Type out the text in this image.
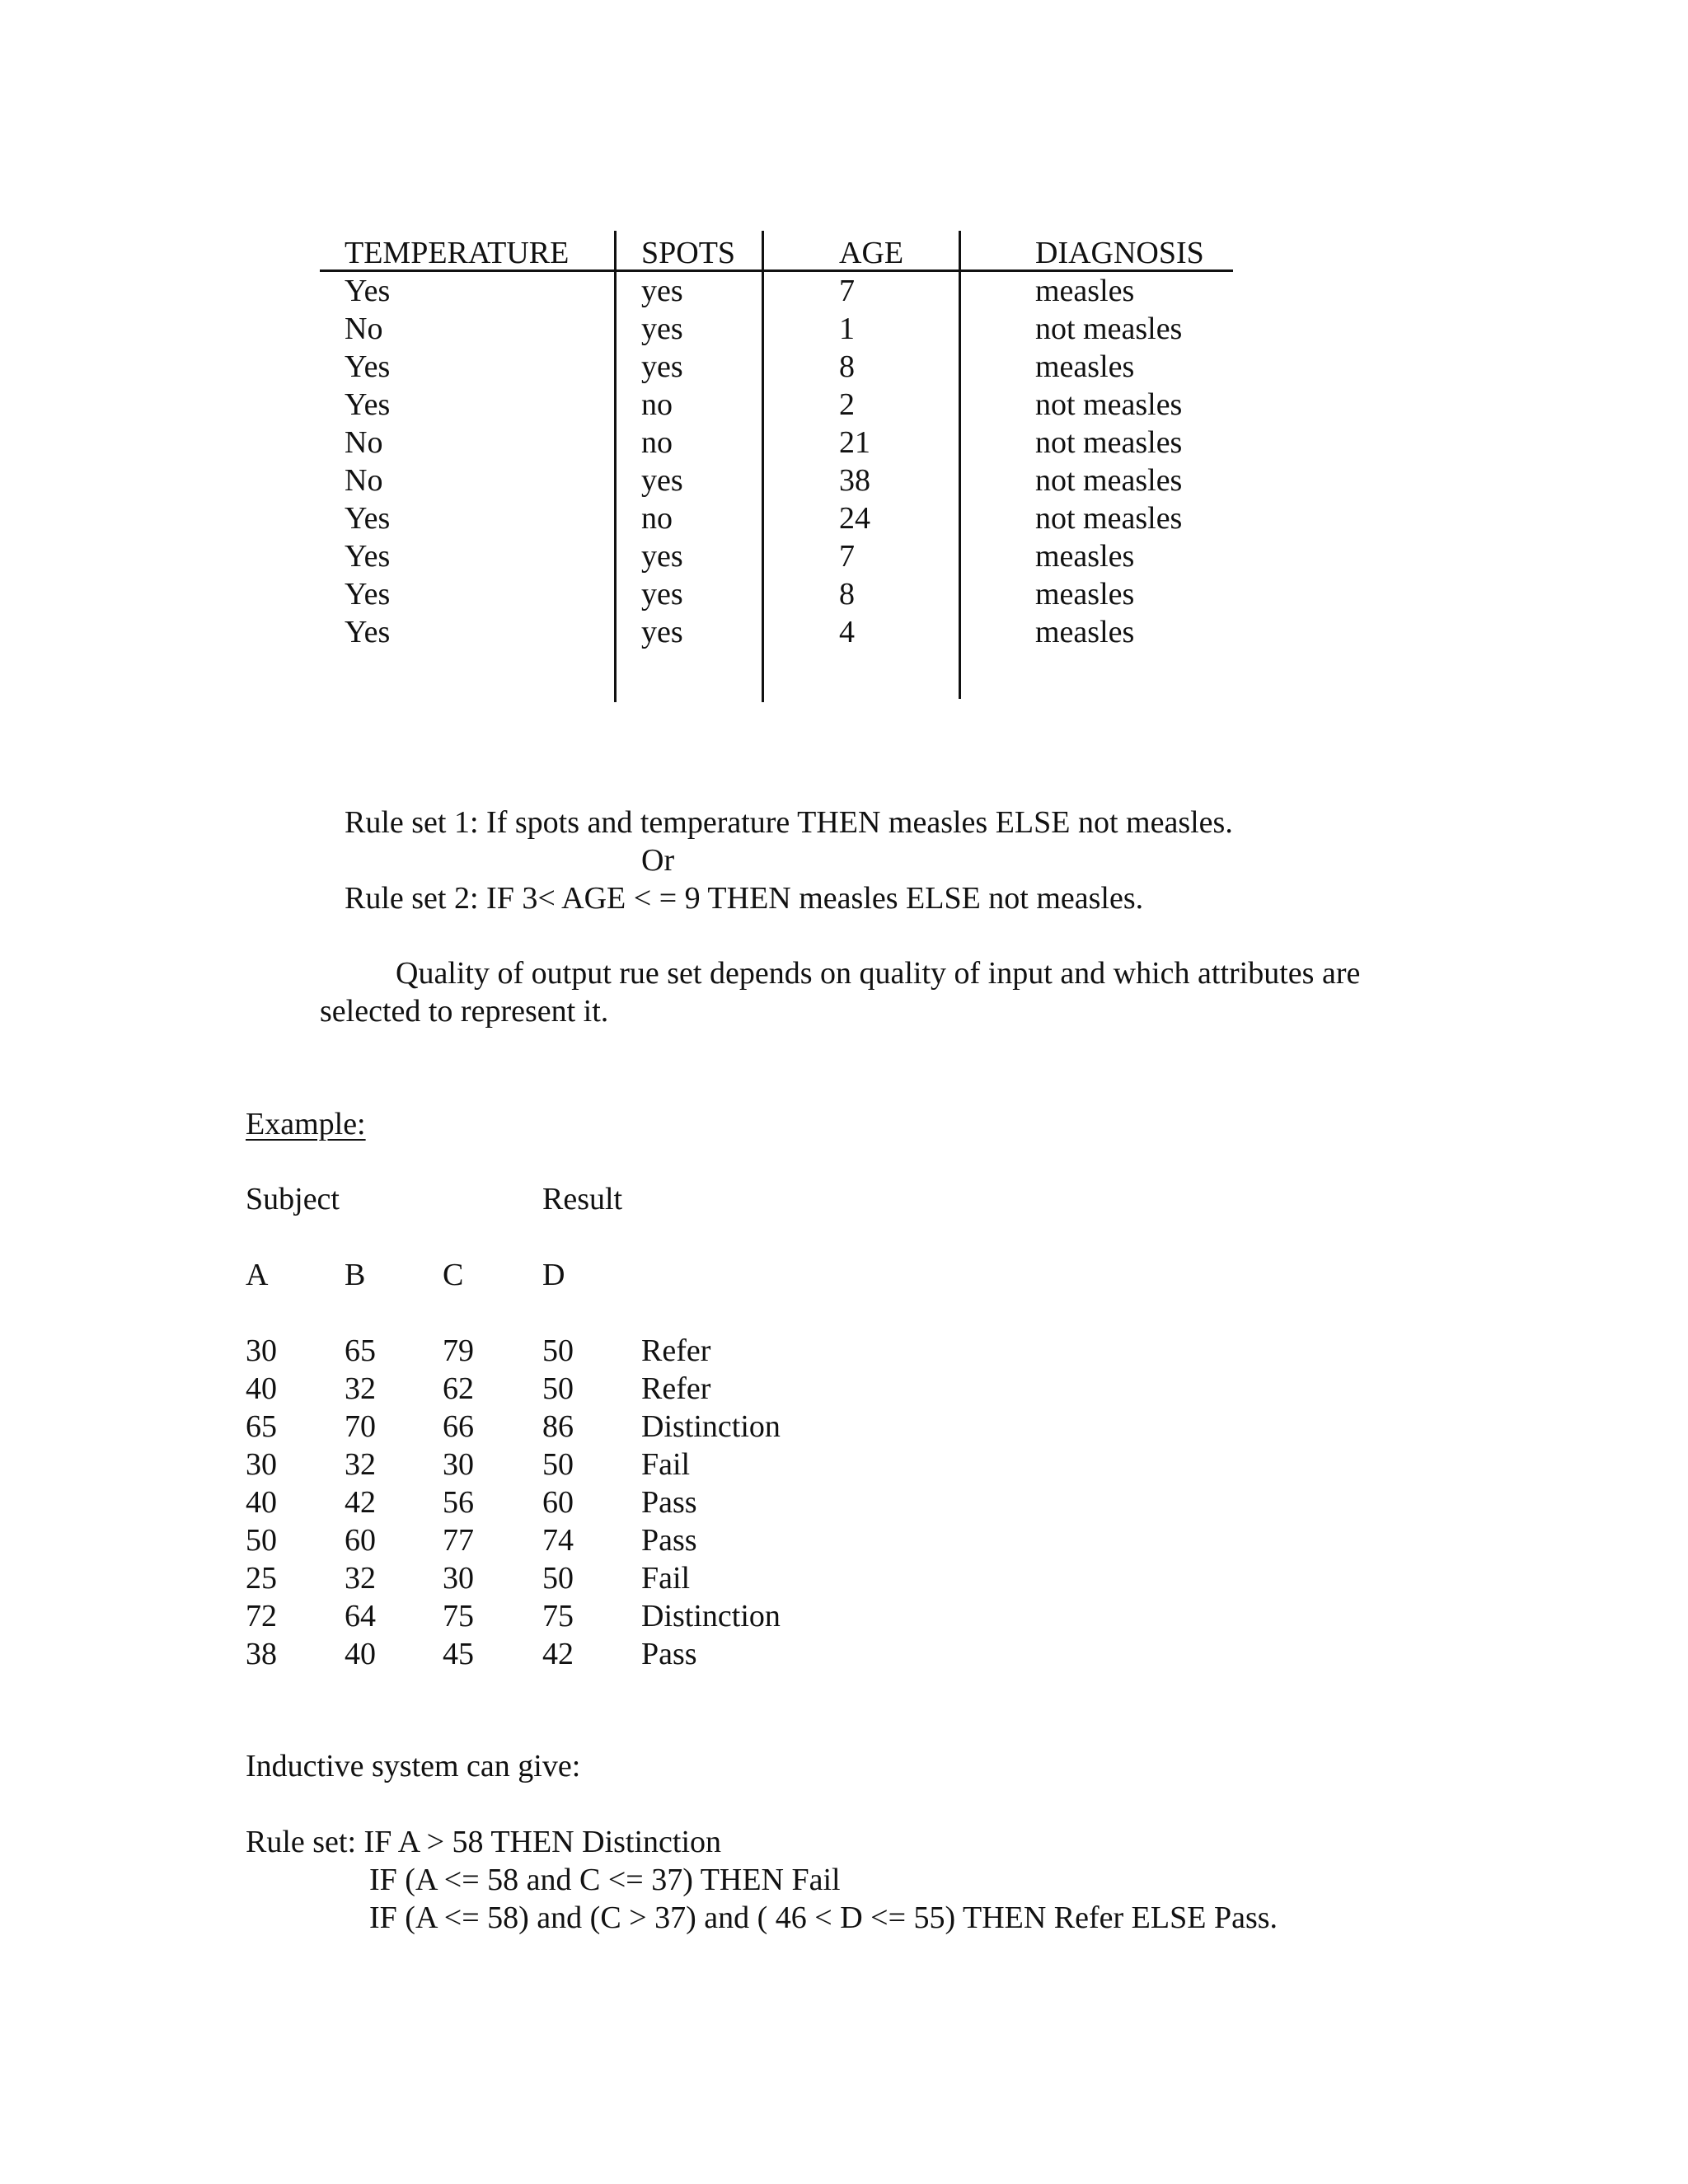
TEMPERATURE SPOTS	AGE	DIAGNOSIS
Yes	yes	7	measles
No	yes	1	not measles
Yes	yes	8	measles
Yes	no	2	not measles
No	no	21	not measles
No	yes	38	not measles
Yes	no	24	not measles
Yes	yes	7	measles
Yes	yes	8	measles
Yes	yes	4	measles
Rule set 1: If spots and temperature THEN measles ELSE not measles.
Or
Rule set 2: IF 3< AGE < = 9 THEN measles ELSE not measles.
Quality of output rue set depends on quality of input and which attributes are
selected to represent it.
Example:
Subject	Result
A B C	D
30 65 79 50 Refer
40 32 62 50 Refer
65 70 66 86 Distinction
30 32 30 50 Fail
40 42 56 60 Pass
50 60 77 74 Pass
25 32 30 50 Fail
72 64 75 75 Distinction
38 40 45 42 Pass
Inductive system can give:
Rule set: IF A > 58 THEN Distinction
IF (A <= 58 and C <= 37) THEN Fail
IF (A <= 58) and (C > 37) and ( 46 < D <= 55) THEN Refer ELSE Pass.
